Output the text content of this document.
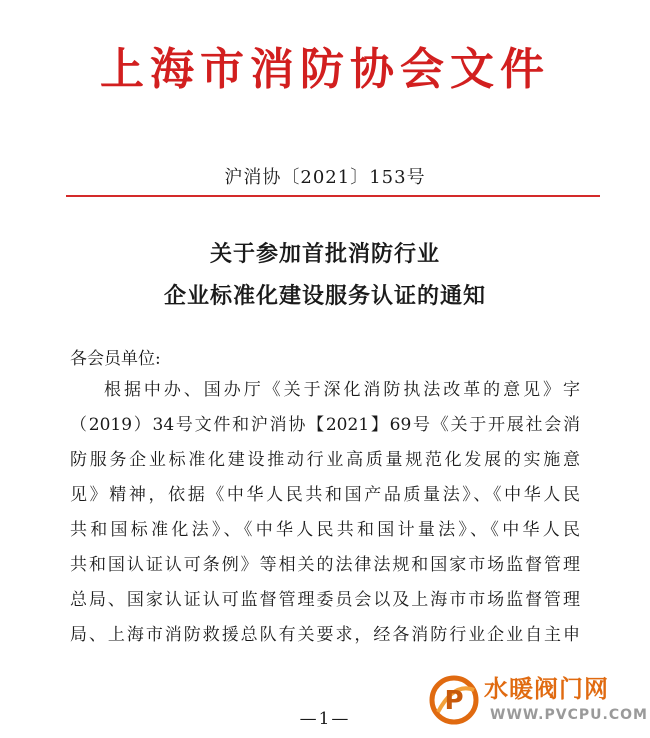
上海市消防协会文件
沪消协〔2021〕153号
关于参加首批消防行业
企业标准化建设服务认证的通知
各会员单位:
根据中办、国办厅《关于深化消防执法改革的意见》字
（2019）34号文件和沪消协【2021】69号《关于开展社会消
防服务企业标准化建设推动行业高质量规范化发展的实施意
见》精神，依据《中华人民共和国产品质量法》、《中华人民
共和国标准化法》、《中华人民共和国计量法》、《中华人民
共和国认证认可条例》等相关的法律法规和国家市场监督管理
总局、国家认证认可监督管理委员会以及上海市市场监督管理
局、上海市消防救援总队有关要求，经各消防行业企业自主申
—1—
P 水暖阀门网
WWW.PVCPU.COM
